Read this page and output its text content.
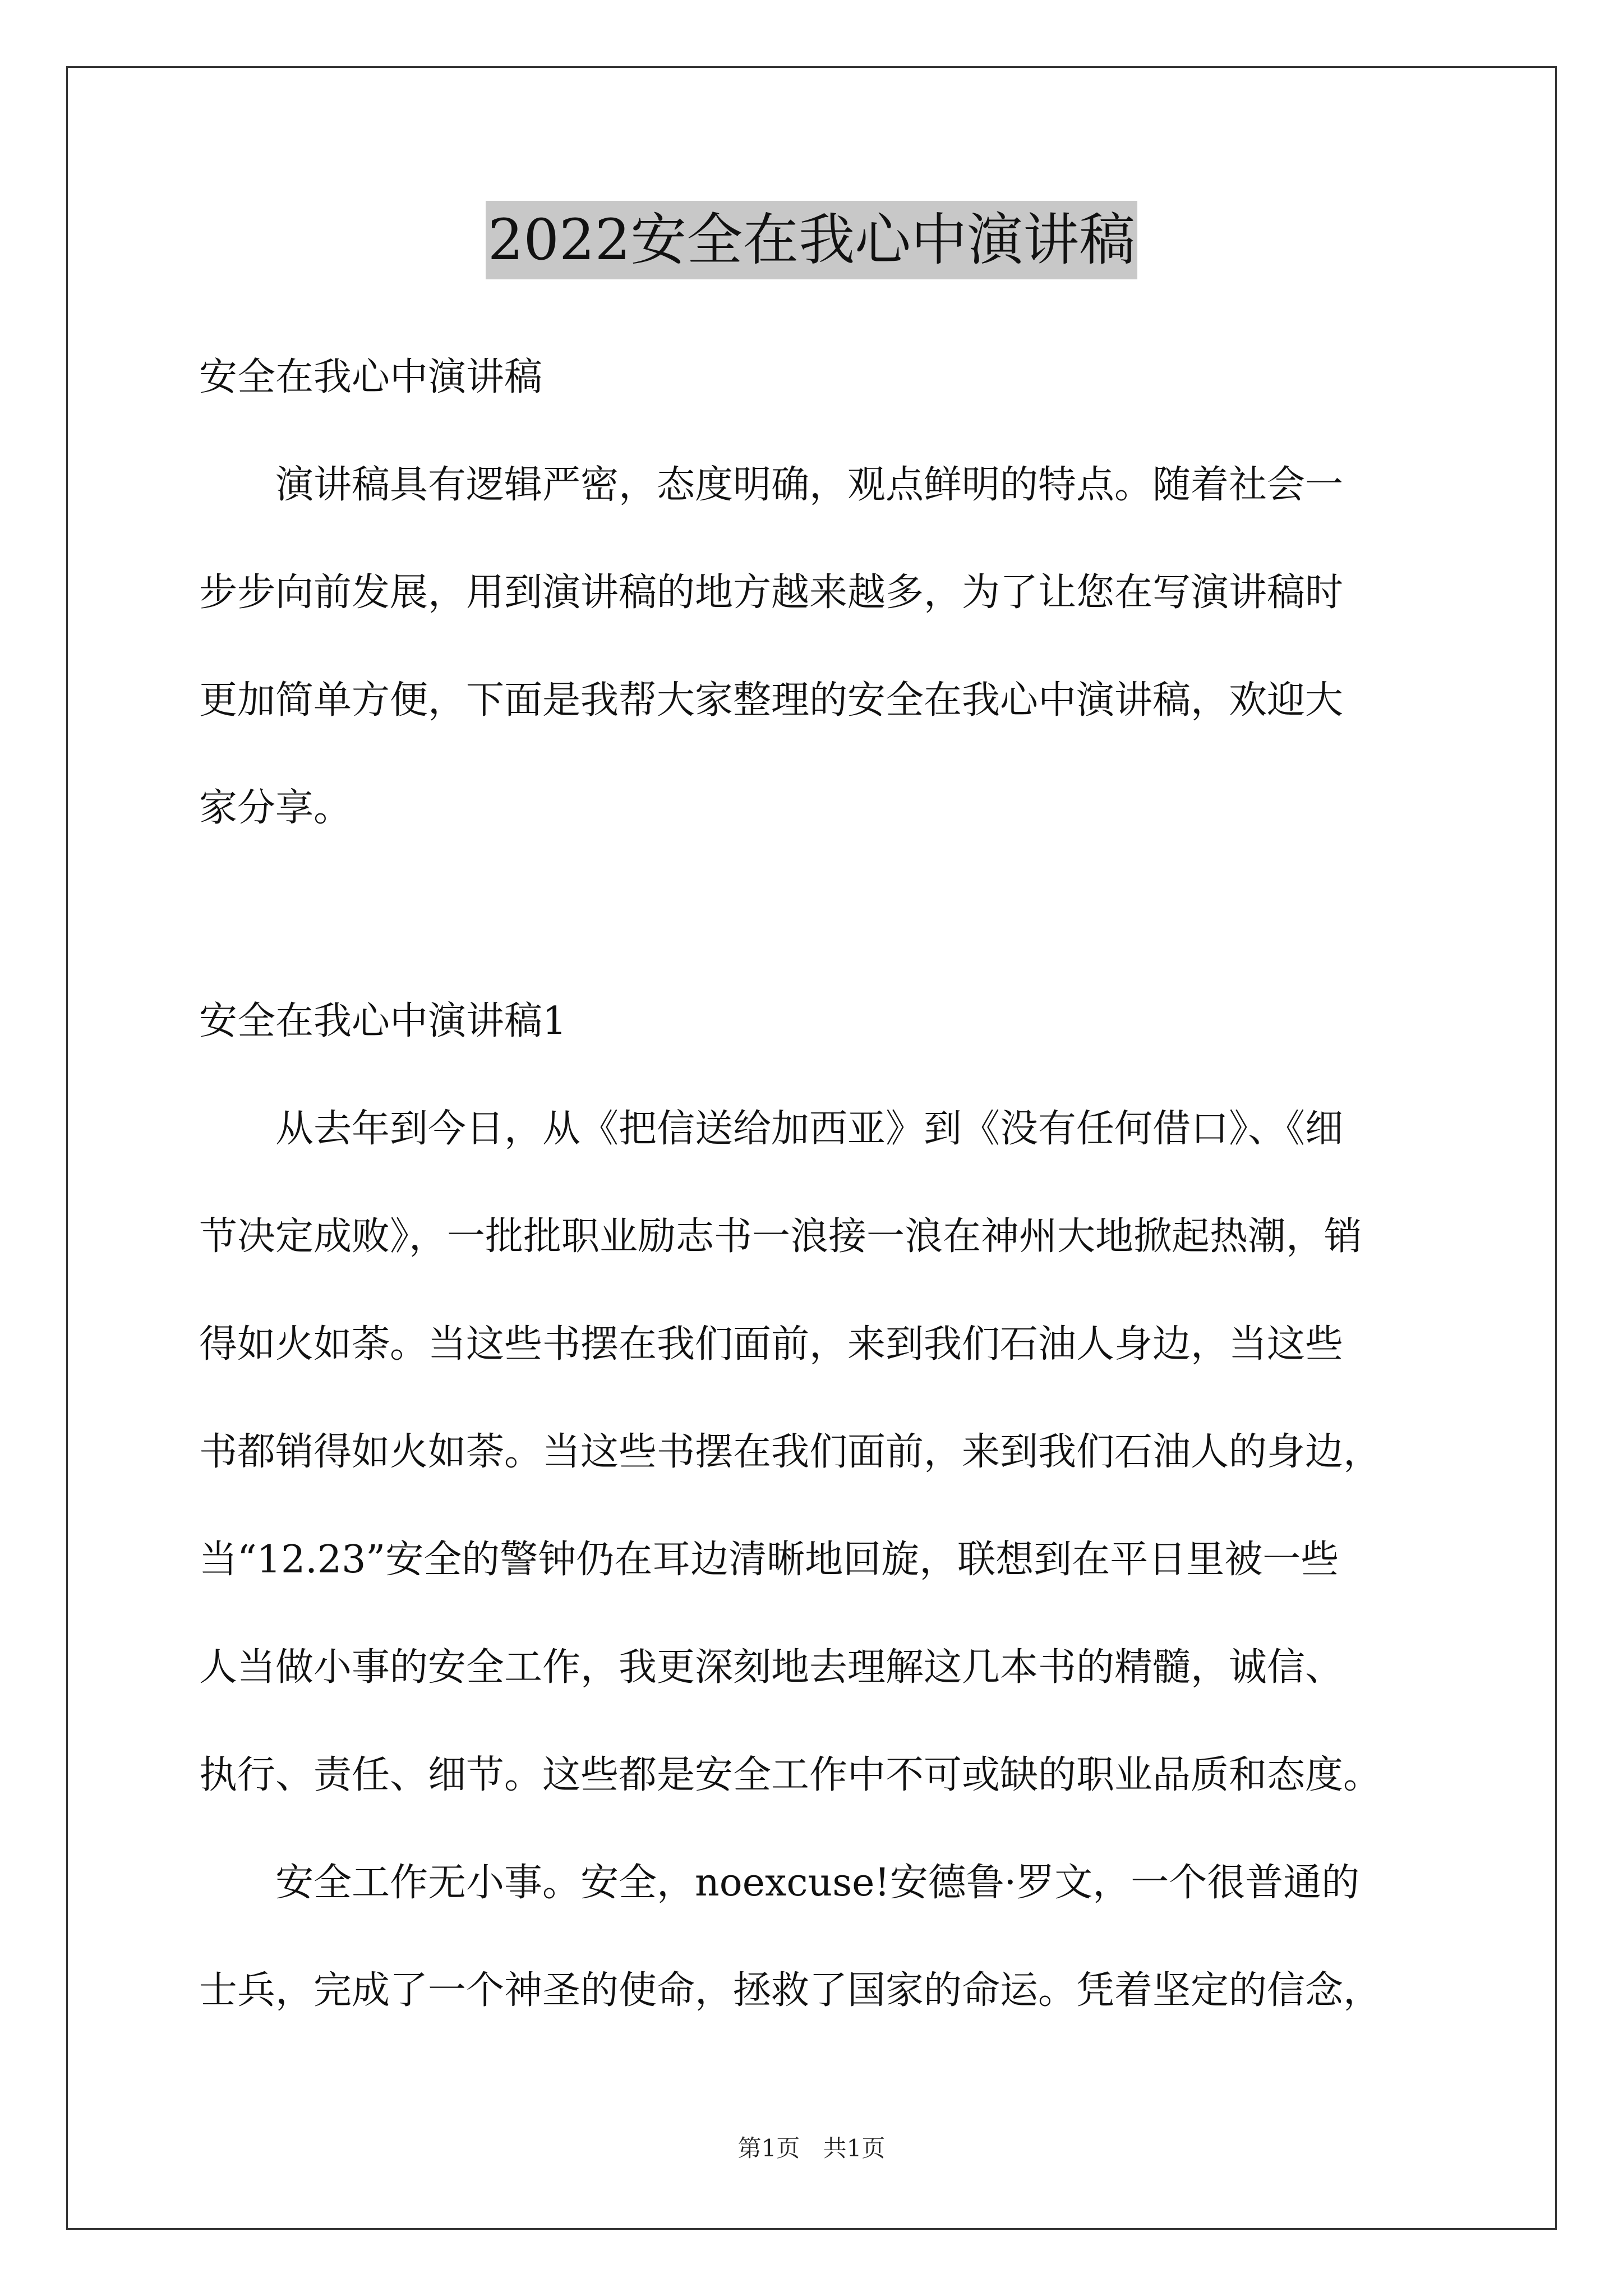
2022安全在我心中演讲稿
安全在我心中演讲稿
　　演讲稿具有逻辑严密，态度明确，观点鲜明的特点。随着社会一
步步向前发展，用到演讲稿的地方越来越多，为了让您在写演讲稿时
更加简单方便，下面是我帮大家整理的安全在我心中演讲稿，欢迎大
家分享。
安全在我心中演讲稿1
　　从去年到今日，从《把信送给加西亚》到《没有任何借口》、《细
节决定成败》，一批批职业励志书一浪接一浪在神州大地掀起热潮，销
得如火如荼。当这些书摆在我们面前，来到我们石油人身边，当这些
书都销得如火如荼。当这些书摆在我们面前，来到我们石油人的身边，
当“12.23”安全的警钟仍在耳边清晰地回旋，联想到在平日里被一些
人当做小事的安全工作，我更深刻地去理解这几本书的精髓，诚信、
执行、责任、细节。这些都是安全工作中不可或缺的职业品质和态度。
　　安全工作无小事。安全，noexcuse!安德鲁·罗文，一个很普通的
士兵，完成了一个神圣的使命，拯救了国家的命运。凭着坚定的信念，
第1页 共1页
